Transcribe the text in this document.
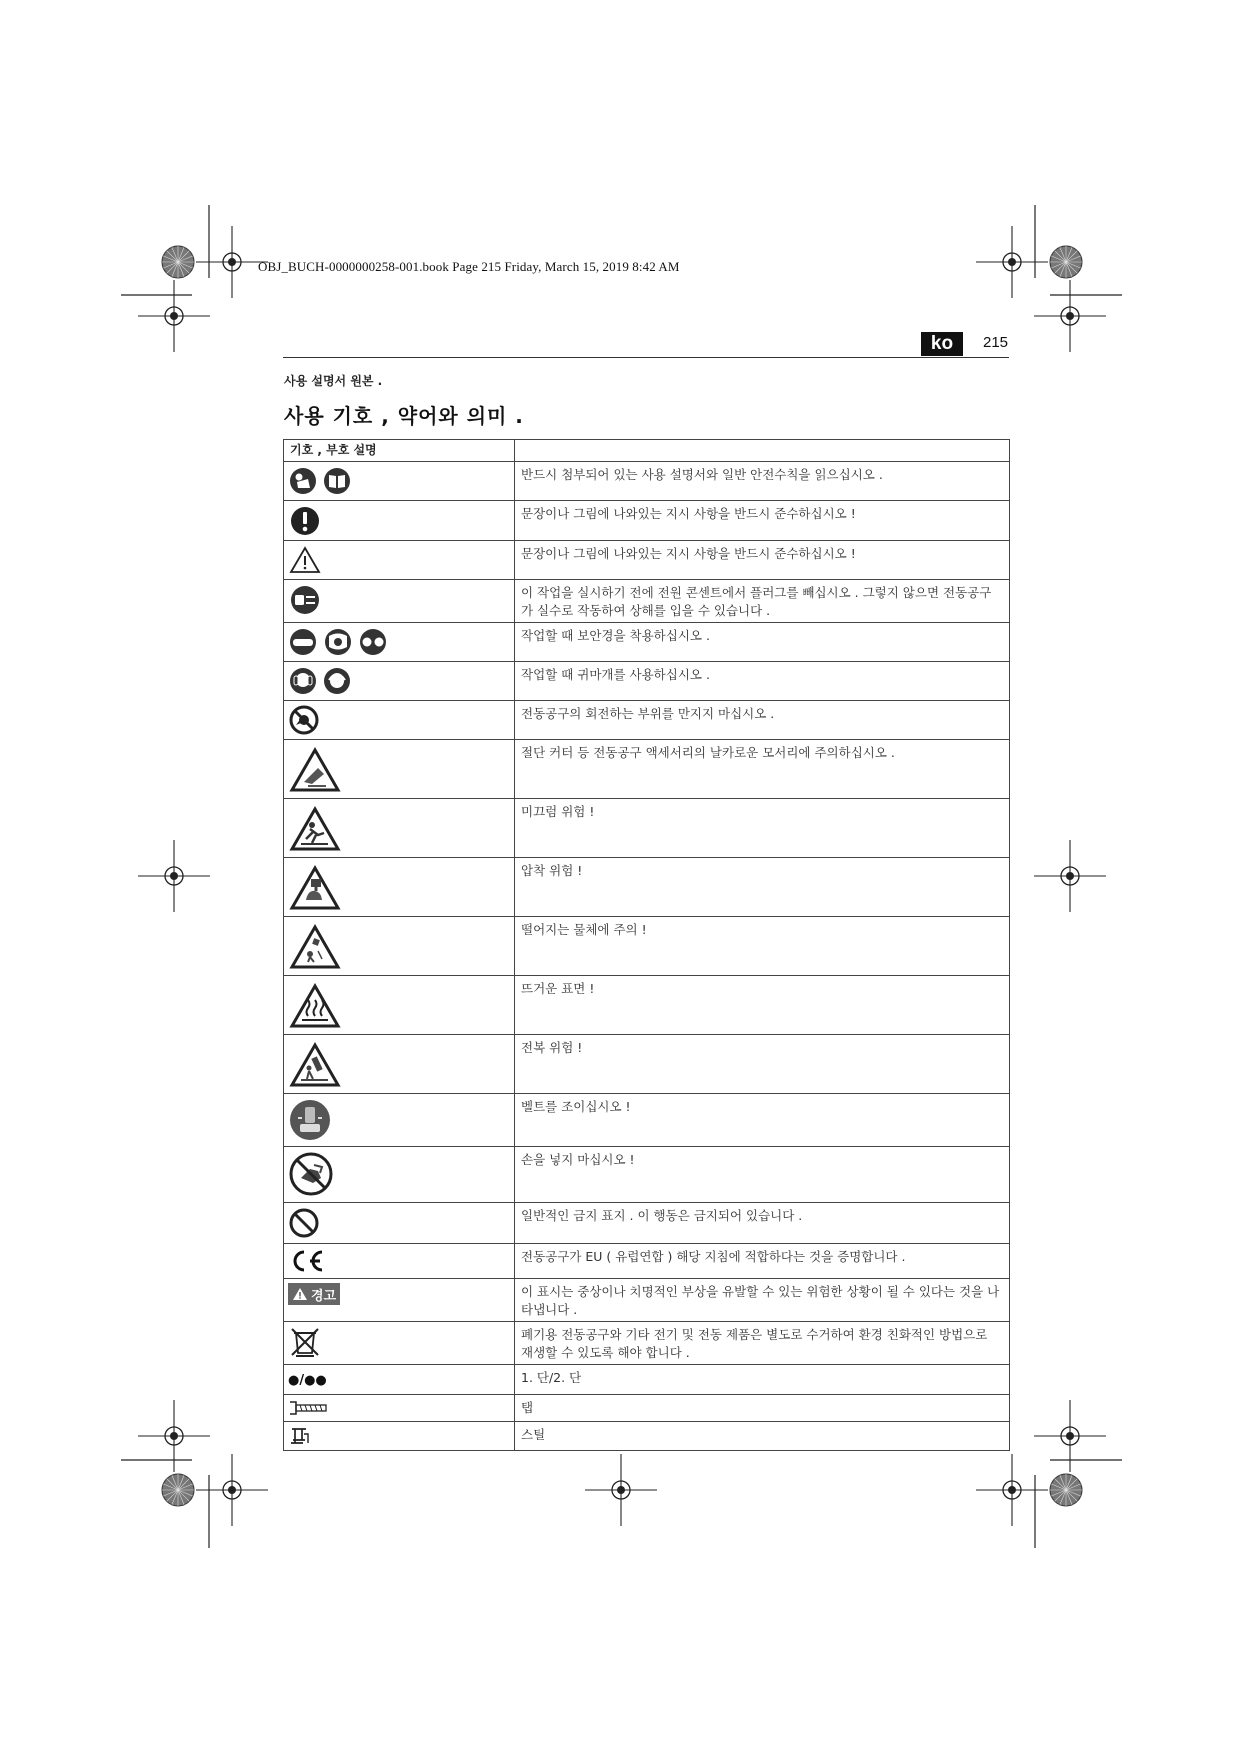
OBJ_BUCH-0000000258-001.book Page 215 Friday, March 15, 2019 8:42 AM
ko	215
사용 설명서 원본 .
사용 기호 , 약어와 의미 .
기호 , 부호 설명	

	반드시 첨부되어 있는 사용 설명서와 일반 안전수칙을 읽으십시오 .

	문장이나 그림에 나와있는 지시 사항을 반드시 준수하십시오 !

	문장이나 그림에 나와있는 지시 사항을 반드시 준수하십시오 !

	이 작업을 실시하기 전에 전원 콘센트에서 플러그를 빼십시오 . 그렇지 않으면 전동공구가 실수로 작동하여 상해를 입을 수 있습니다 .

	작업할 때 보안경을 착용하십시오 .

	작업할 때 귀마개를 사용하십시오 .

	전동공구의 회전하는 부위를 만지지 마십시오 .

	절단 커터 등 전동공구 액세서리의 날카로운 모서리에 주의하십시오 .

	미끄럼 위험 !

	압착 위험 !

	떨어지는 물체에 주의 !

	뜨거운 표면 !

	전복 위험 !

	벨트를 조이십시오 !

	손을 넣지 마십시오 !

	일반적인 금지 표지 . 이 행동은 금지되어 있습니다 .

	전동공구가 EU ( 유럽연합 ) 해당 지침에 적합하다는 것을 증명합니다 .

경고	이 표시는 중상이나 치명적인 부상을 유발할 수 있는 위험한 상황이 될 수 있다는 것을 나타냅니다 .

	폐기용 전동공구와 기타 전기 및 전동 제품은 별도로 수거하여 환경 친화적인 방법으로 재생할 수 있도록 해야 합니다 .
●/●●	1. 단/2. 단

	탭

	스틸
